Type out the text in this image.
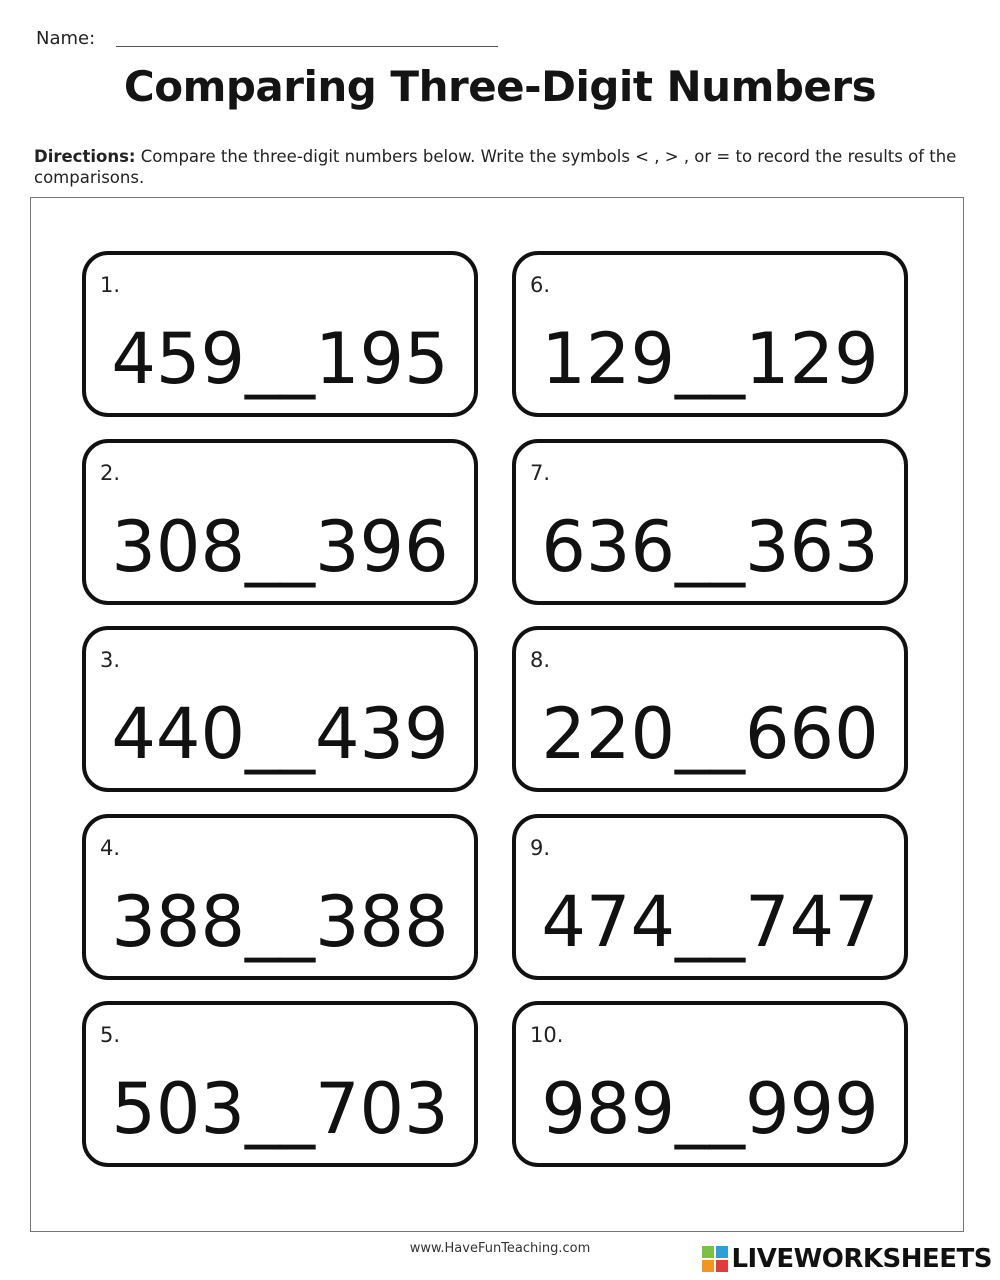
Name:
Comparing Three-Digit Numbers
Directions: Compare the three-digit numbers below. Write the symbols < , > , or = to record the results of the comparisons.
1.
459__195
2.
308__396
3.
440__439
4.
388__388
5.
503__703
6.
129__129
7.
636__363
8.
220__660
9.
474__747
10.
989__999
www.HaveFunTeaching.com	LIVEWORKSHEETS
